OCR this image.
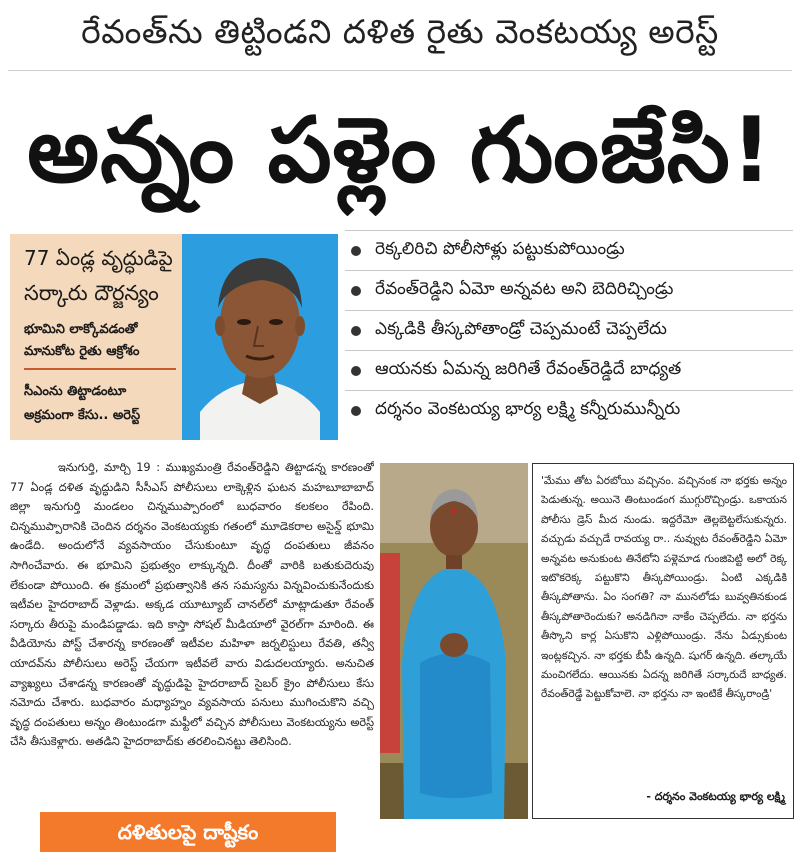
రేవంత్‌ను తిట్టిండని దళిత రైతు వెంకటయ్య అరెస్ట్
అన్నం పళ్లెం గుంజేసి!
77 ఏండ్ల వృద్ధుడిపై
సర్కారు దౌర్జన్యం
భూమిని లాక్కోవడంతో
మానుకోట రైతు ఆక్రోశం
సీఎంను తిట్టాడంటూ
అక్రమంగా కేసు.. అరెస్ట్
రెక్కలిరిచి పోలీసోళ్లు పట్టుకుపోయిండ్రు
రేవంత్‌రెడ్డిని ఏమో అన్నవట అని బెదిరిచ్చిండ్రు
ఎక్కడికి తీస్కపోతాండ్రో చెప్పమంటే చెప్పలేదు
ఆయనకు ఏమన్న జరిగితే రేవంత్‌రెడ్డిదే బాధ్యత
దర్శనం వెంకటయ్య భార్య లక్ష్మి కన్నీరుమున్నీరు

ఇనుగుర్తి, మార్చి 19 : ముఖ్యమంత్రి రేవంత్‌రెడ్డిని తిట్టాడన్న కారణంతో 77 ఏండ్ల దళిత వృద్ధుడిని సీసీఎస్ పోలీసులు లాక్కెళ్లిన ఘటన మహబూబాబాద్ జిల్లా ఇనుగుర్తి మండలం చిన్నముప్పారంలో బుధవారం కలకలం రేపింది. చిన్నముప్పారానికి చెందిన దర్శనం వెంకటయ్యకు గతంలో మూడెకరాల అసైన్డ్ భూమి ఉండేది. అందులోనే వ్యవసాయం చేసుకుంటూ వృద్ధ దంపతులు జీవనం సాగించేవారు. ఈ భూమిని ప్రభుత్వం లాక్కున్నది. దీంతో వారికి బతుకుదెరువు లేకుండా పోయింది. ఈ క్రమంలో ప్రభుత్వానికి తన సమస్యను విన్నవించుకునేందుకు ఇటీవల హైదరాబాద్ వెళ్లాడు. అక్కడ యూట్యూబ్ చానల్‌లో మాట్లాడుతూ రేవంత్ సర్కారు తీరుపై మండిపడ్డాడు. ఇది కాస్తా సోషల్ మీడియాలో వైరల్‌గా మారింది. ఈ వీడియోను పోస్ట్ చేశారన్న కారణంతో ఇటీవల మహిళా జర్నలిస్టులు రేవతి, తన్వీ యాదవ్‌ను పోలీసులు అరెస్ట్ చేయగా ఇటీవలే వారు విడుదలయ్యారు. అనుచిత వ్యాఖ్యలు చేశాడన్న కారణంతో వృద్ధుడిపై హైదరాబాద్ సైబర్ క్రైం పోలీసులు కేసు నమోదు చేశారు. బుధవారం మధ్యాహ్నం వ్యవసాయ పనులు ముగించుకొని వచ్చి వృద్ధ దంపతులు అన్నం తింటుండగా మఫ్టీలో వచ్చిన పోలీసులు వెంకటయ్యను అరెస్ట్ చేసి తీసుకెళ్లారు. అతడిని హైదరాబాద్‌కు తరలించినట్టు తెలిసింది.

'మేము తోట ఏరబోయి వచ్చినం. వచ్చినంక నా భర్తకు అన్నం పెడుతున్న. అయినె తింటుండంగ ముగ్గురొచ్చిండ్రు. ఒకాయన పోలీసు డ్రెస్ మీద నుండు. ఇద్దరేమో తెల్లబెట్టలేసుకున్నరు. వచ్చుడు వచ్చుడే రావయ్య రా.. నువ్వుట రేవంత్‌రెడ్డిని ఏమో అన్నవట అనుకుంట తినేటోని పళ్లెమాడ గుంజిపెట్టి అలో రెక్క ఇటొకరెక్క పట్టుకొని తీస్కపోయిండ్రు. ఏంటి ఎక్కడికి తీస్కపోతాను. ఏం సంగతి? నా మునలోడు బువ్వతినకుండ తీస్కపోతారెందుకు? అనడిగినా నాకేం చెప్పలేదు. నా భర్తను తీస్కొని కార్ల ఏసుకొని ఎళ్లిపోయిండ్రు. నేను ఏడ్సుకుంట ఇంట్లకచ్చిన. నా భర్తకు బీపీ ఉన్నది. షుగర్ ఉన్నది. తల్కాయే మంచిగలేదు. ఆయినకు ఏదన్న జరిగితే సర్కారుదే బాధ్యత. రేవంత్‌రెడ్డే పెట్టుకోవాలె. నా భర్తను నా ఇంటికే తీస్కరాండ్రి'

- దర్శనం వెంకటయ్య భార్య లక్ష్మి
దళితులపై దాష్టీకం
